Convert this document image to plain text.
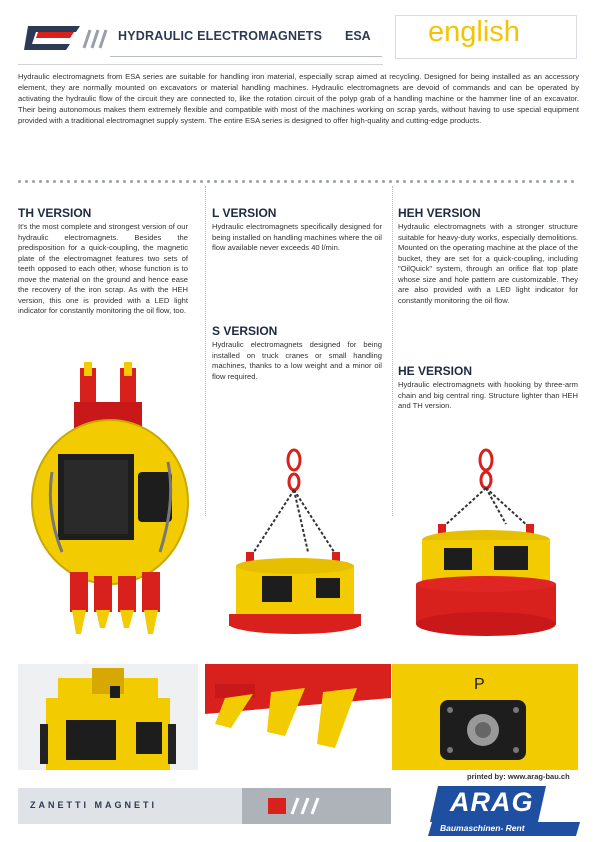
HYDRAULIC ELECTROMAGNETS ESA english

Hydraulic electromagnets from ESA series are suitable for handling iron material, especially scrap aimed at recycling. Designed for being installed as an accessory element, they are normally mounted on excavators or material handling machines. Hydraulic electromagnets are devoid of commands and can be operated by activating the hydraulic flow of the circuit they are connected to, like the rotation circuit of the polyp grab of a handling machine or the hammer line of an excavator. Their being autonomous makes them extremely flexible and compatible with most of the machines working on scrap yards, without having to use special equipment provided with a traditional electromagnet supply system. The entire ESA series is designed to offer high-quality and cutting-edge products.

TH VERSION

It's the most complete and strongest version of our hydraulic electromagnets. Besides the predisposition for a quick-coupling, the magnetic plate of the electromagnet features two sets of teeth opposed to each other, whose function is to move the material on the ground and hence ease the recovery of the iron scrap. As with the HEH version, this one is provided with a LED light indicator for constantly monitoring the oil flow, too.

L VERSION

Hydraulic electromagnets specifically designed for being installed on handling machines where the oil flow available never exceeds 40 l/min.

S VERSION

Hydraulic electromagnets designed for being installed on truck cranes or small handling machines, thanks to a low weight and a minor oil flow required.

HEH VERSION

Hydraulic electromagnets with a stronger structure suitable for heavy-duty works, especially demolitions. Mounted on the operating machine at the place of the bucket, they are set for a quick-coupling, including "OilQuick" system, through an orifice flat top plate whose size and hole pattern are customizable. They are also provided with a LED light indicator for constantly monitoring the oil flow.

HE VERSION

Hydraulic electromagnets with hooking by three-arm chain and big central ring. Structure lighter than HEH and TH version.

P
printed by: www.arag-bau.ch
ZANETTI MAGNETI	ARAG
Baumaschinen- Rent
